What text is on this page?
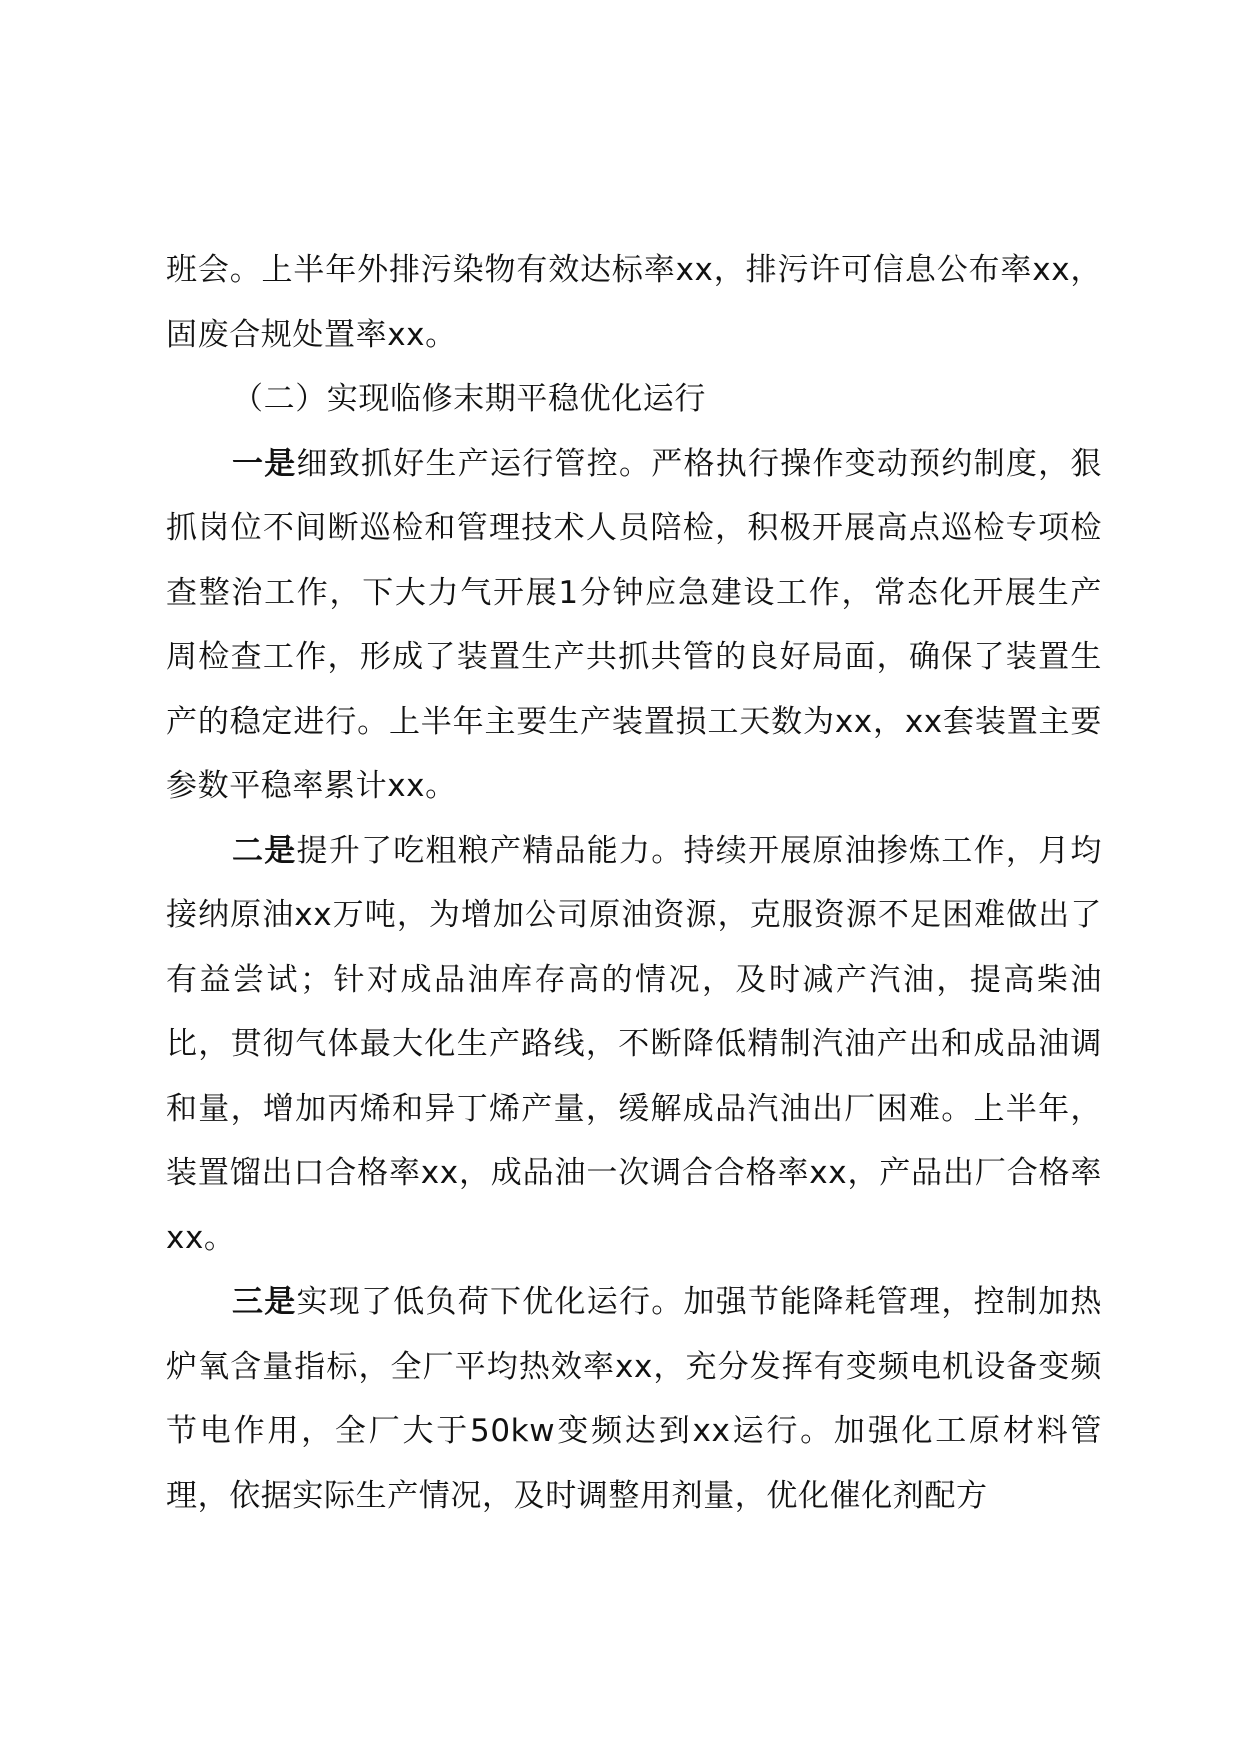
班会。上半年外排污染物有效达标率xx，排污许可信息公布率xx，固废合规处置率xx。

（二）实现临修末期平稳优化运行

一是细致抓好生产运行管控。严格执行操作变动预约制度，狠抓岗位不间断巡检和管理技术人员陪检，积极开展高点巡检专项检查整治工作，下大力气开展1分钟应急建设工作，常态化开展生产周检查工作，形成了装置生产共抓共管的良好局面，确保了装置生产的稳定进行。上半年主要生产装置损工天数为xx，xx套装置主要参数平稳率累计xx。

二是提升了吃粗粮产精品能力。持续开展原油掺炼工作，月均接纳原油xx万吨，为增加公司原油资源，克服资源不足困难做出了有益尝试；针对成品油库存高的情况，及时减产汽油，提高柴油比，贯彻气体最大化生产路线，不断降低精制汽油产出和成品油调和量，增加丙烯和异丁烯产量，缓解成品汽油出厂困难。上半年，装置馏出口合格率xx，成品油一次调合合格率xx，产品出厂合格率xx。

三是实现了低负荷下优化运行。加强节能降耗管理，控制加热炉氧含量指标，全厂平均热效率xx，充分发挥有变频电机设备变频节电作用，全厂大于50kw变频达到xx运行。加强化工原材料管理，依据实际生产情况，及时调整用剂量，优化催化剂配方
